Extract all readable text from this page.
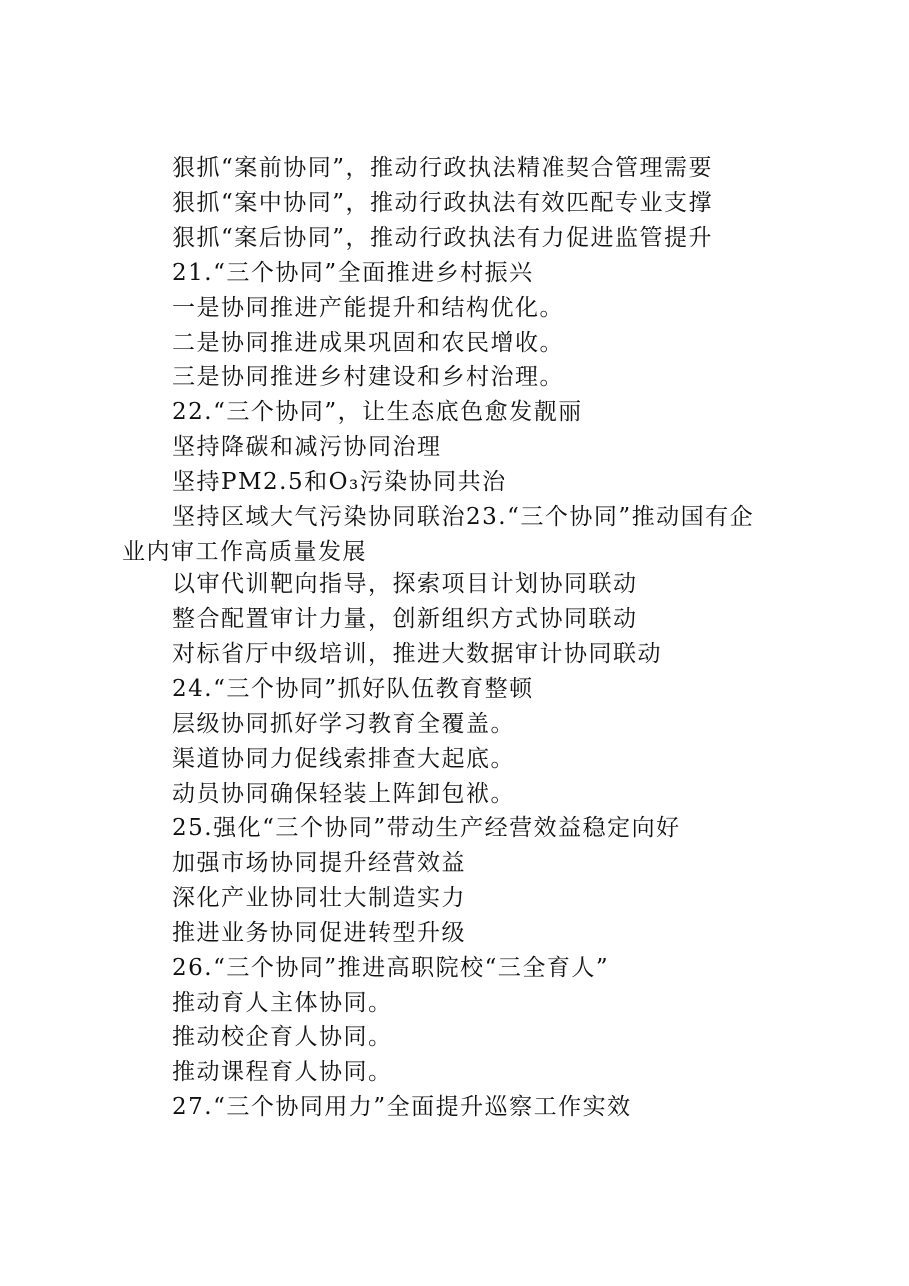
狠抓“案前协同”，推动行政执法精准契合管理需要
狠抓“案中协同”，推动行政执法有效匹配专业支撑
狠抓“案后协同”，推动行政执法有力促进监管提升
21.“三个协同”全面推进乡村振兴
一是协同推进产能提升和结构优化。
二是协同推进成果巩固和农民增收。
三是协同推进乡村建设和乡村治理。
22.“三个协同”，让生态底色愈发靓丽
坚持降碳和减污协同治理
坚持PM2.5和O₃污染协同共治
坚持区域大气污染协同联治23.“三个协同”推动国有企
业内审工作高质量发展
以审代训靶向指导，探索项目计划协同联动
整合配置审计力量，创新组织方式协同联动
对标省厅中级培训，推进大数据审计协同联动
24.“三个协同”抓好队伍教育整顿
层级协同抓好学习教育全覆盖。
渠道协同力促线索排查大起底。
动员协同确保轻装上阵卸包袱。
25.强化“三个协同”带动生产经营效益稳定向好
加强市场协同提升经营效益
深化产业协同壮大制造实力
推进业务协同促进转型升级
26.“三个协同”推进高职院校“三全育人”
推动育人主体协同。
推动校企育人协同。
推动课程育人协同。
27.“三个协同用力”全面提升巡察工作实效
